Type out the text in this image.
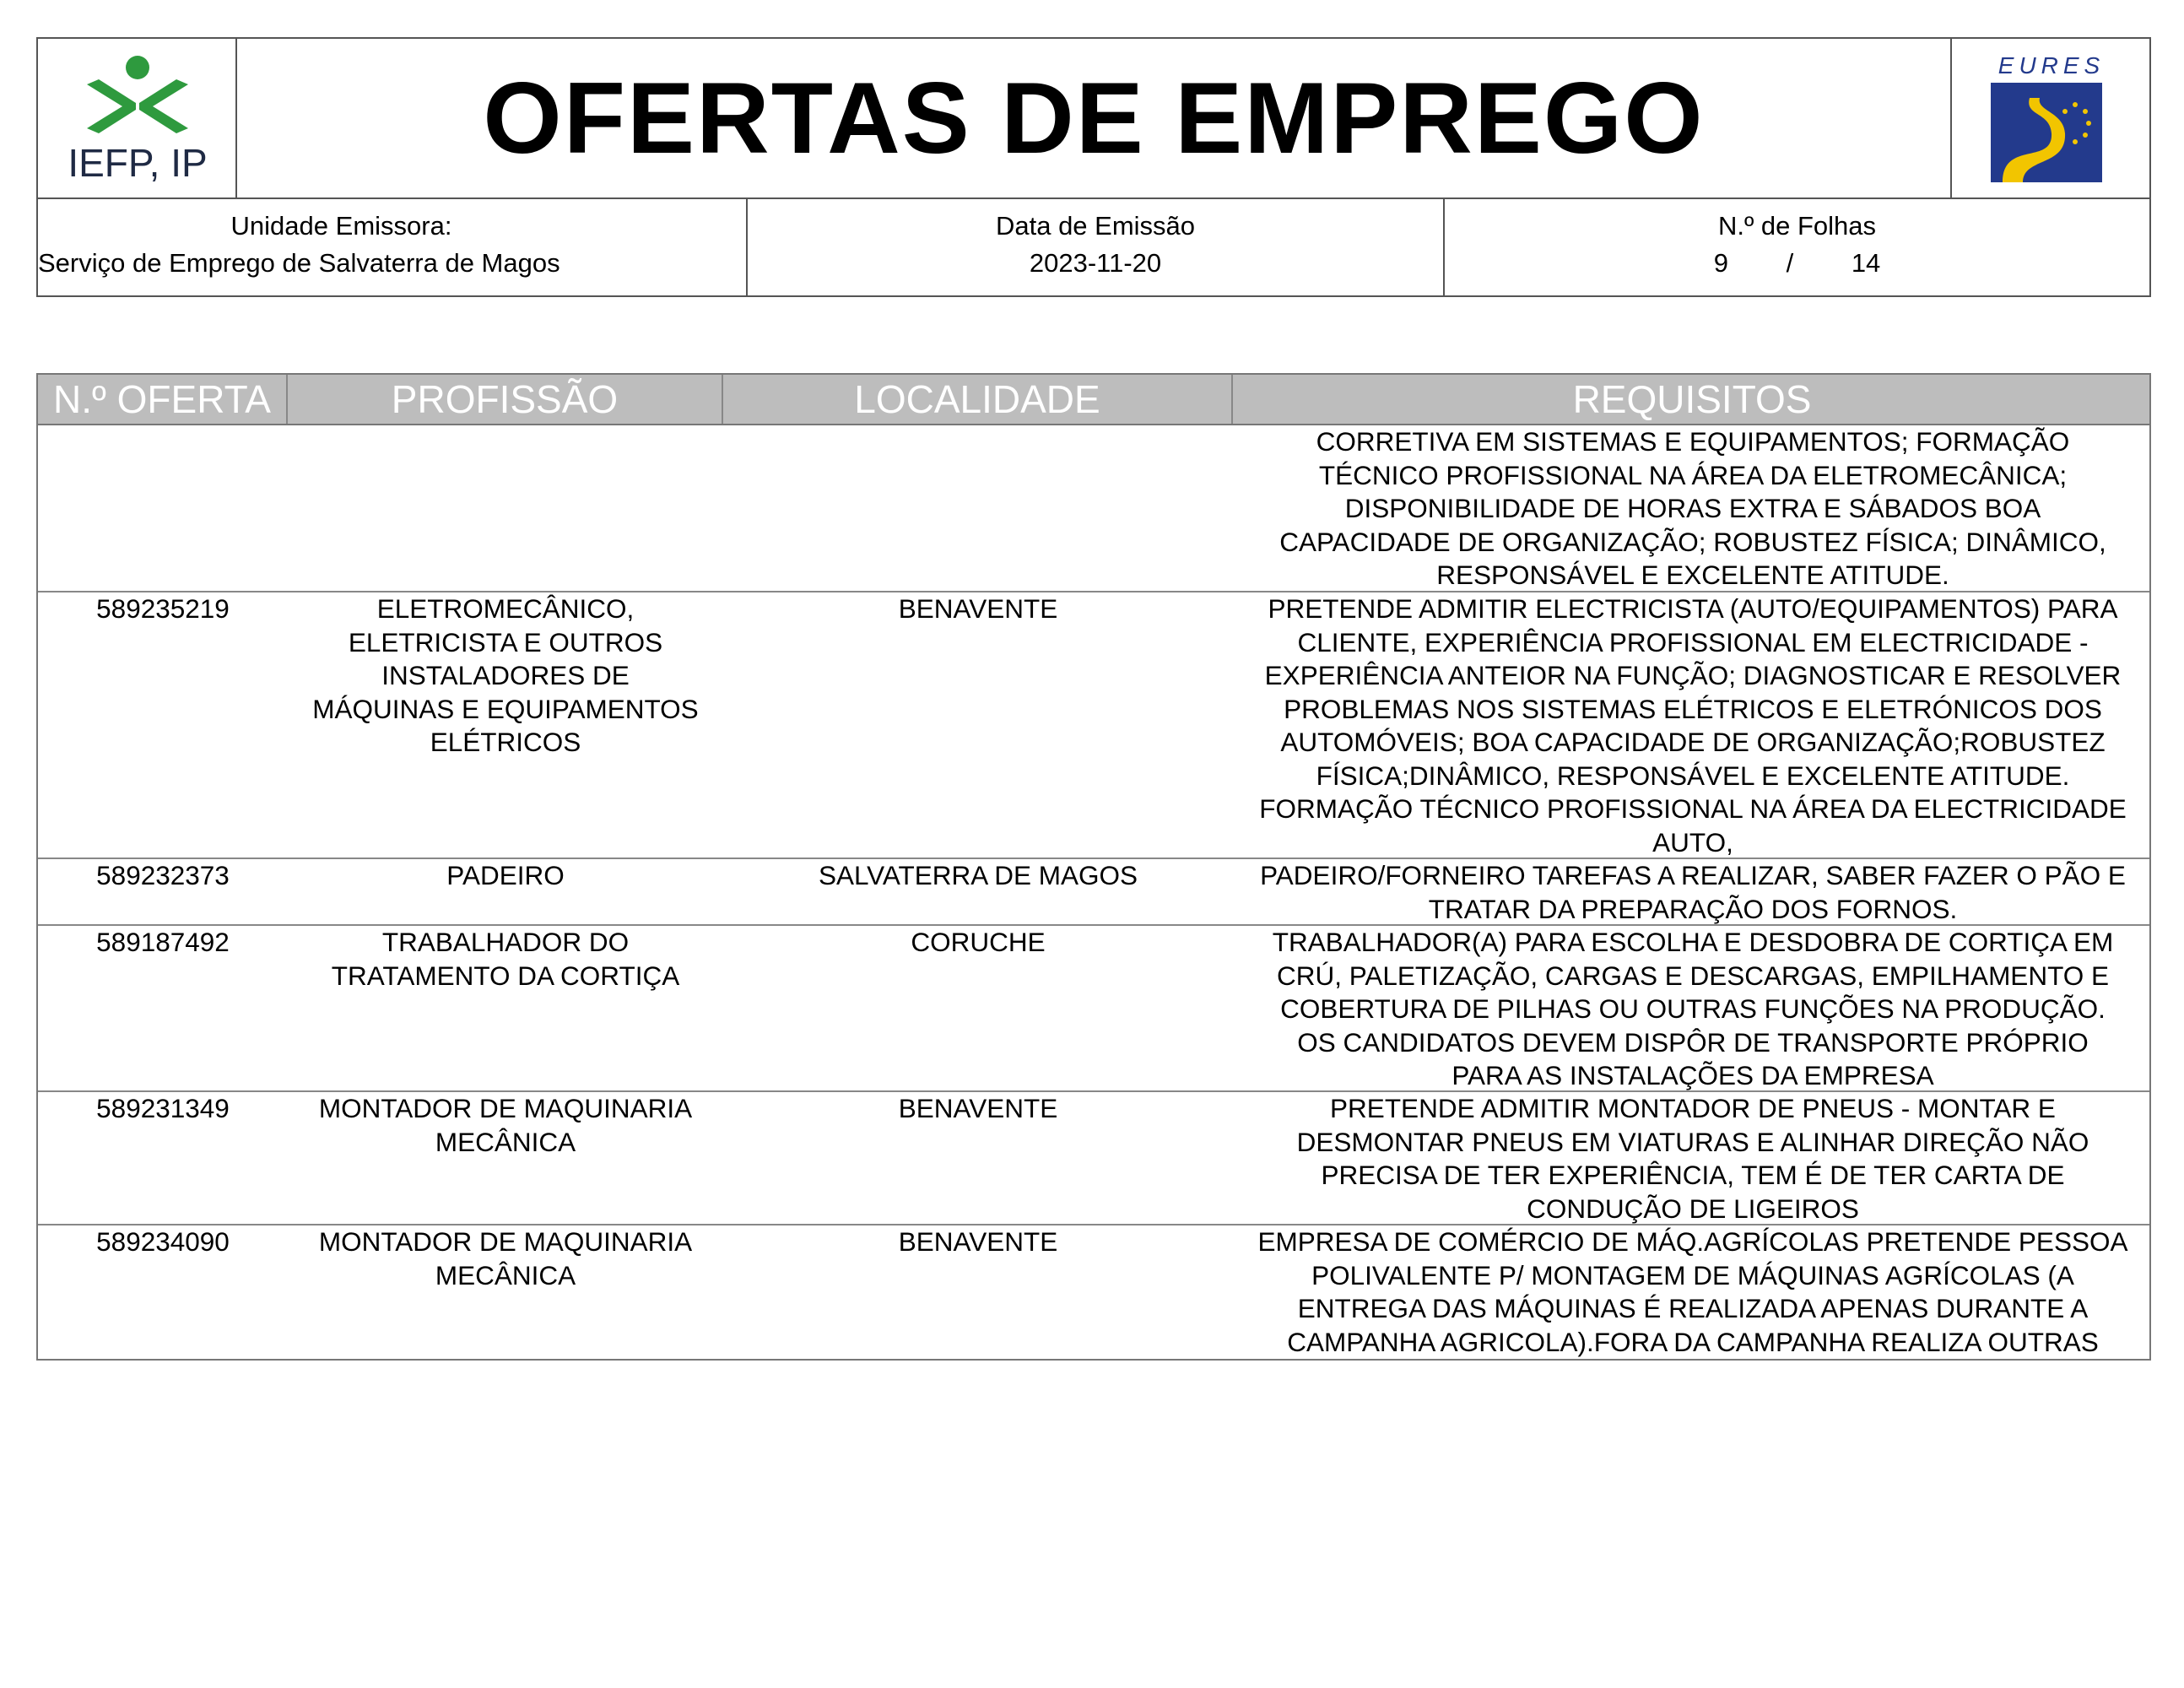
IEFP, IP	OFERTAS DE EMPREGO	EURES
Unidade Emissora:
Serviço de Emprego de Salvaterra de Magos
Data de Emissão
2023-11-20
N.º de Folhas
9 / 14
N.º OFERTA	PROFISSÃO	LOCALIDADE	REQUISITOS
CORRETIVA EM SISTEMAS E EQUIPAMENTOS; FORMAÇÃO
TÉCNICO PROFISSIONAL NA ÁREA DA ELETROMECÂNICA;
DISPONIBILIDADE DE HORAS EXTRA E SÁBADOS BOA
CAPACIDADE DE ORGANIZAÇÃO; ROBUSTEZ FÍSICA; DINÂMICO,
RESPONSÁVEL E EXCELENTE ATITUDE.
589235219	ELETROMECÂNICO,
ELETRICISTA E OUTROS
INSTALADORES DE
MÁQUINAS E EQUIPAMENTOS
ELÉTRICOS
BENAVENTE	PRETENDE ADMITIR ELECTRICISTA (AUTO/EQUIPAMENTOS) PARA
CLIENTE, EXPERIÊNCIA PROFISSIONAL EM ELECTRICIDADE -
EXPERIÊNCIA ANTEIOR NA FUNÇÃO; DIAGNOSTICAR E RESOLVER
PROBLEMAS NOS SISTEMAS ELÉTRICOS E ELETRÓNICOS DOS
AUTOMÓVEIS; BOA CAPACIDADE DE ORGANIZAÇÃO;ROBUSTEZ
FÍSICA;DINÂMICO, RESPONSÁVEL E EXCELENTE ATITUDE.
FORMAÇÃO TÉCNICO PROFISSIONAL NA ÁREA DA ELECTRICIDADE
AUTO,
589232373	PADEIRO	SALVATERRA DE MAGOS	PADEIRO/FORNEIRO TAREFAS A REALIZAR, SABER FAZER O PÃO E
TRATAR DA PREPARAÇÃO DOS FORNOS.
589187492	TRABALHADOR DO
TRATAMENTO DA CORTIÇA
CORUCHE	TRABALHADOR(A) PARA ESCOLHA E DESDOBRA DE CORTIÇA EM
CRÚ, PALETIZAÇÃO, CARGAS E DESCARGAS, EMPILHAMENTO E
COBERTURA DE PILHAS OU OUTRAS FUNÇÕES NA PRODUÇÃO.
OS CANDIDATOS DEVEM DISPÔR DE TRANSPORTE PRÓPRIO
PARA AS INSTALAÇÕES DA EMPRESA
589231349	MONTADOR DE MAQUINARIA
MECÂNICA
BENAVENTE	PRETENDE ADMITIR MONTADOR DE PNEUS - MONTAR E
DESMONTAR PNEUS EM VIATURAS E ALINHAR DIREÇÃO NÃO
PRECISA DE TER EXPERIÊNCIA, TEM É DE TER CARTA DE
CONDUÇÃO DE LIGEIROS
589234090	MONTADOR DE MAQUINARIA
MECÂNICA
BENAVENTE	EMPRESA DE COMÉRCIO DE MÁQ.AGRÍCOLAS PRETENDE PESSOA
POLIVALENTE P/ MONTAGEM DE MÁQUINAS AGRÍCOLAS (A
ENTREGA DAS MÁQUINAS É REALIZADA APENAS DURANTE A
CAMPANHA AGRICOLA).FORA DA CAMPANHA REALIZA OUTRAS
